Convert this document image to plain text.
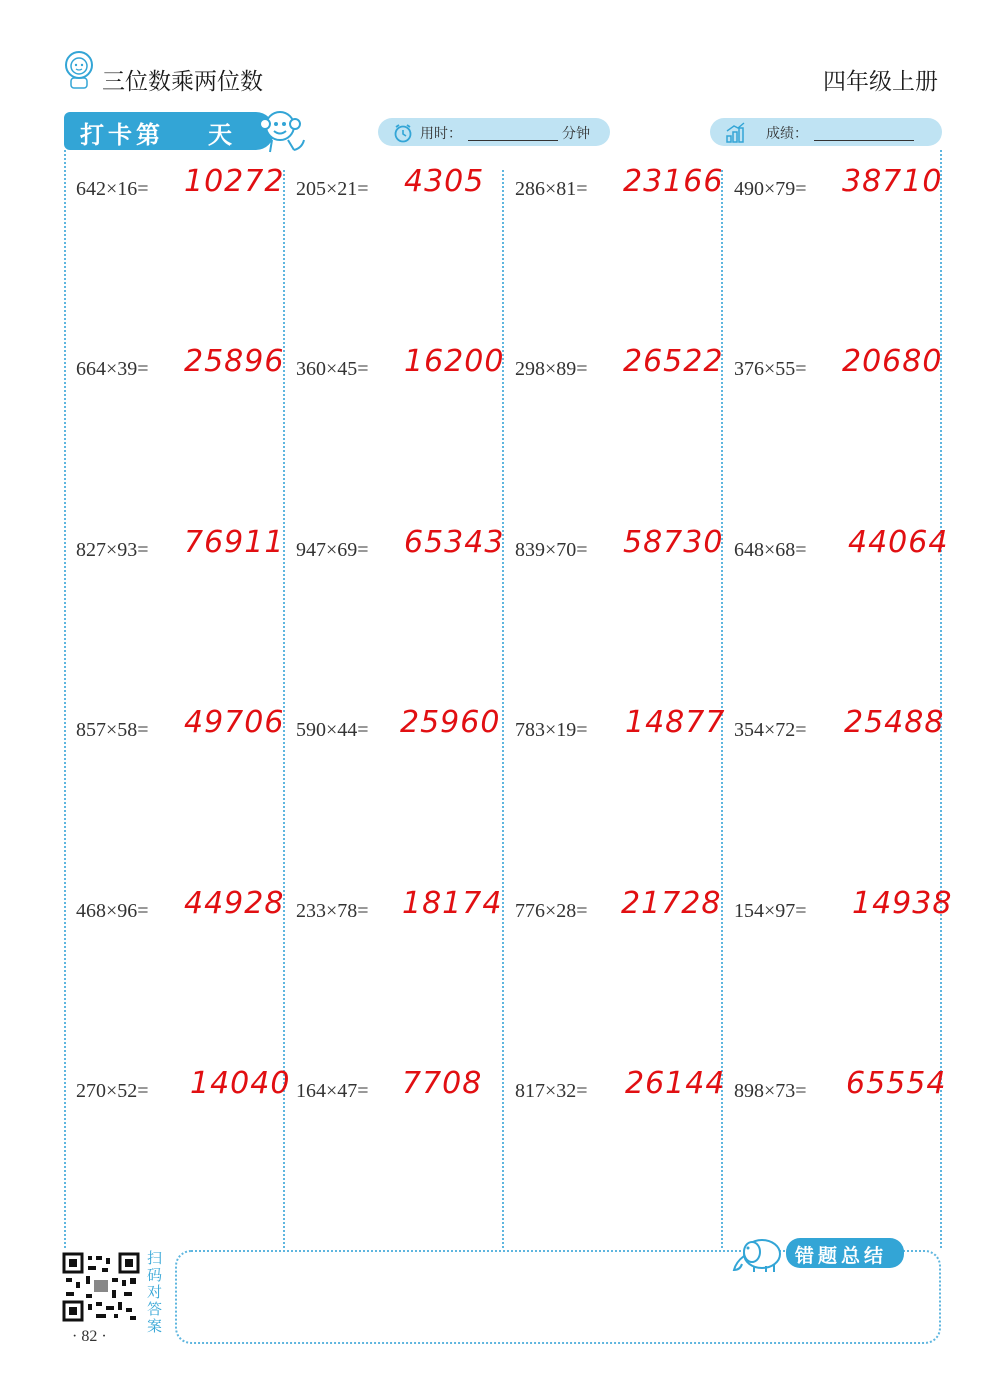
三位数乘两位数	四年级上册
打卡第 天	用时：	分钟	成绩：
642×16= 10272
664×39= 25896
827×93= 76911
857×58= 49706
468×96= 44928
270×52= 14040
205×21= 4305
360×45= 16200
947×69= 65343
590×44= 25960
233×78= 18174
164×47= 7708
286×81= 23166
298×89= 26522
839×70= 58730
783×19= 14877
776×28= 21728
817×32= 26144
490×79= 38710
376×55= 20680
648×68= 44064
354×72= 25488
154×97= 14938
898×73= 65554
扫码对答案
· 82 ·
错题总结
